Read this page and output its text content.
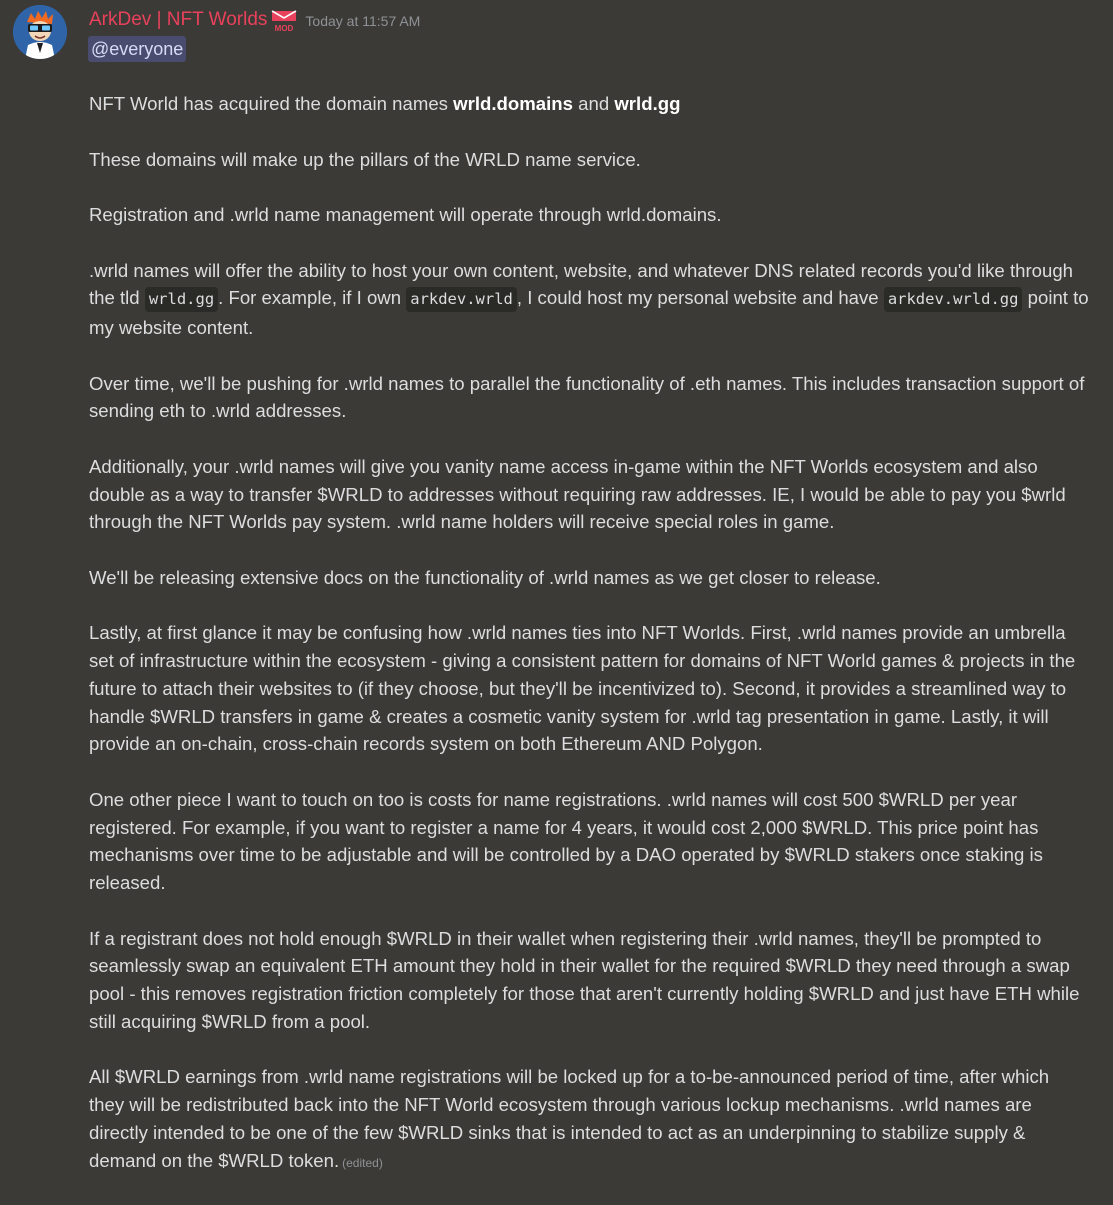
ArkDev | NFT Worlds MOD Today at 11:57 AM
@everyone

NFT World has acquired the domain names wrld.domains and wrld.gg

These domains will make up the pillars of the WRLD name service.

Registration and .wrld name management will operate through wrld.domains.

.wrld names will offer the ability to host your own content, website, and whatever DNS related records you'd like through the tld wrld.gg . For example, if I own arkdev.wrld , I could host my personal website and have arkdev.wrld.gg point to my website content.

Over time, we'll be pushing for .wrld names to parallel the functionality of .eth names. This includes transaction support of sending eth to .wrld addresses.

Additionally, your .wrld names will give you vanity name access in-game within the NFT Worlds ecosystem and also double as a way to transfer $WRLD to addresses without requiring raw addresses. IE, I would be able to pay you $wrld through the NFT Worlds pay system. .wrld name holders will receive special roles in game.

We'll be releasing extensive docs on the functionality of .wrld names as we get closer to release.

Lastly, at first glance it may be confusing how .wrld names ties into NFT Worlds. First, .wrld names provide an umbrella set of infrastructure within the ecosystem - giving a consistent pattern for domains of NFT World games & projects in the future to attach their websites to (if they choose, but they'll be incentivized to). Second, it provides a streamlined way to handle $WRLD transfers in game & creates a cosmetic vanity system for .wrld tag presentation in game. Lastly, it will provide an on-chain, cross-chain records system on both Ethereum AND Polygon.

One other piece I want to touch on too is costs for name registrations. .wrld names will cost 500 $WRLD per year registered. For example, if you want to register a name for 4 years, it would cost 2,000 $WRLD. This price point has mechanisms over time to be adjustable and will be controlled by a DAO operated by $WRLD stakers once staking is released.

If a registrant does not hold enough $WRLD in their wallet when registering their .wrld names, they'll be prompted to seamlessly swap an equivalent ETH amount they hold in their wallet for the required $WRLD they need through a swap pool - this removes registration friction completely for those that aren't currently holding $WRLD and just have ETH while still acquiring $WRLD from a pool.

All $WRLD earnings from .wrld name registrations will be locked up for a to-be-announced period of time, after which they will be redistributed back into the NFT World ecosystem through various lockup mechanisms. .wrld names are directly intended to be one of the few $WRLD sinks that is intended to act as an underpinning to stabilize supply & demand on the $WRLD token. (edited)
